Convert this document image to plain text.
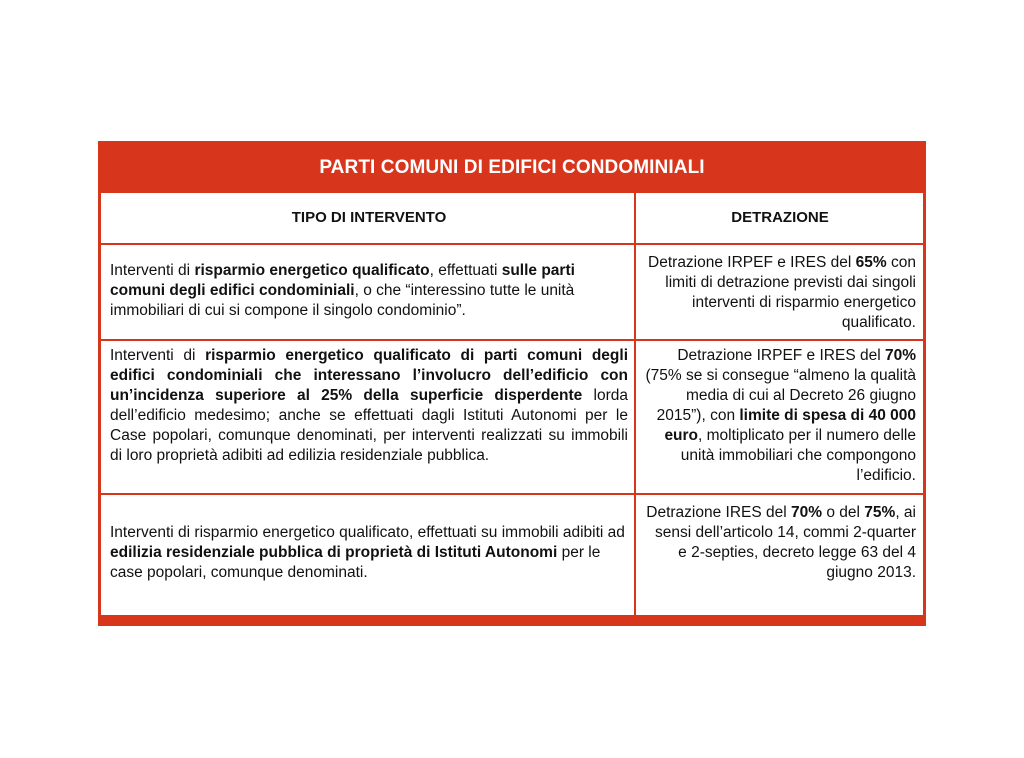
PARTI COMUNI DI EDIFICI CONDOMINIALI
TIPO DI INTERVENTO	DETRAZIONE
Interventi di risparmio energetico qualificato, effettuati sulle parti comuni degli edifici condominiali, o che “interessino tutte le unità immobiliari di cui si compone il singolo condominio”.
Detrazione IRPEF e IRES del 65% con limiti di detrazione previsti dai singoli interventi di risparmio energetico qualificato.
Interventi di risparmio energetico qualificato di parti comuni degli edifici condominiali che interessano l’involucro dell’edificio con un’incidenza superiore al 25% della superficie disperdente lorda dell’edificio medesimo; anche se effettuati dagli Istituti Autonomi per le Case popolari, comunque denominati, per interventi realizzati su immobili di loro proprietà adibiti ad edilizia residenziale pubblica.
Detrazione IRPEF e IRES del 70% (75% se si consegue “almeno la qualità media di cui al Decreto 26 giugno 2015”), con limite di spesa di 40 000 euro, moltiplicato per il numero delle unità immobiliari che compongono l’edificio.
Interventi di risparmio energetico qualificato, effettuati su immobili adibiti ad edilizia residenziale pubblica di proprietà di Istituti Autonomi per le case popolari, comunque denominati.
Detrazione IRES del 70% o del 75%, ai sensi dell’articolo 14, commi 2-quarter e 2-septies, decreto legge 63 del 4 giugno 2013.
